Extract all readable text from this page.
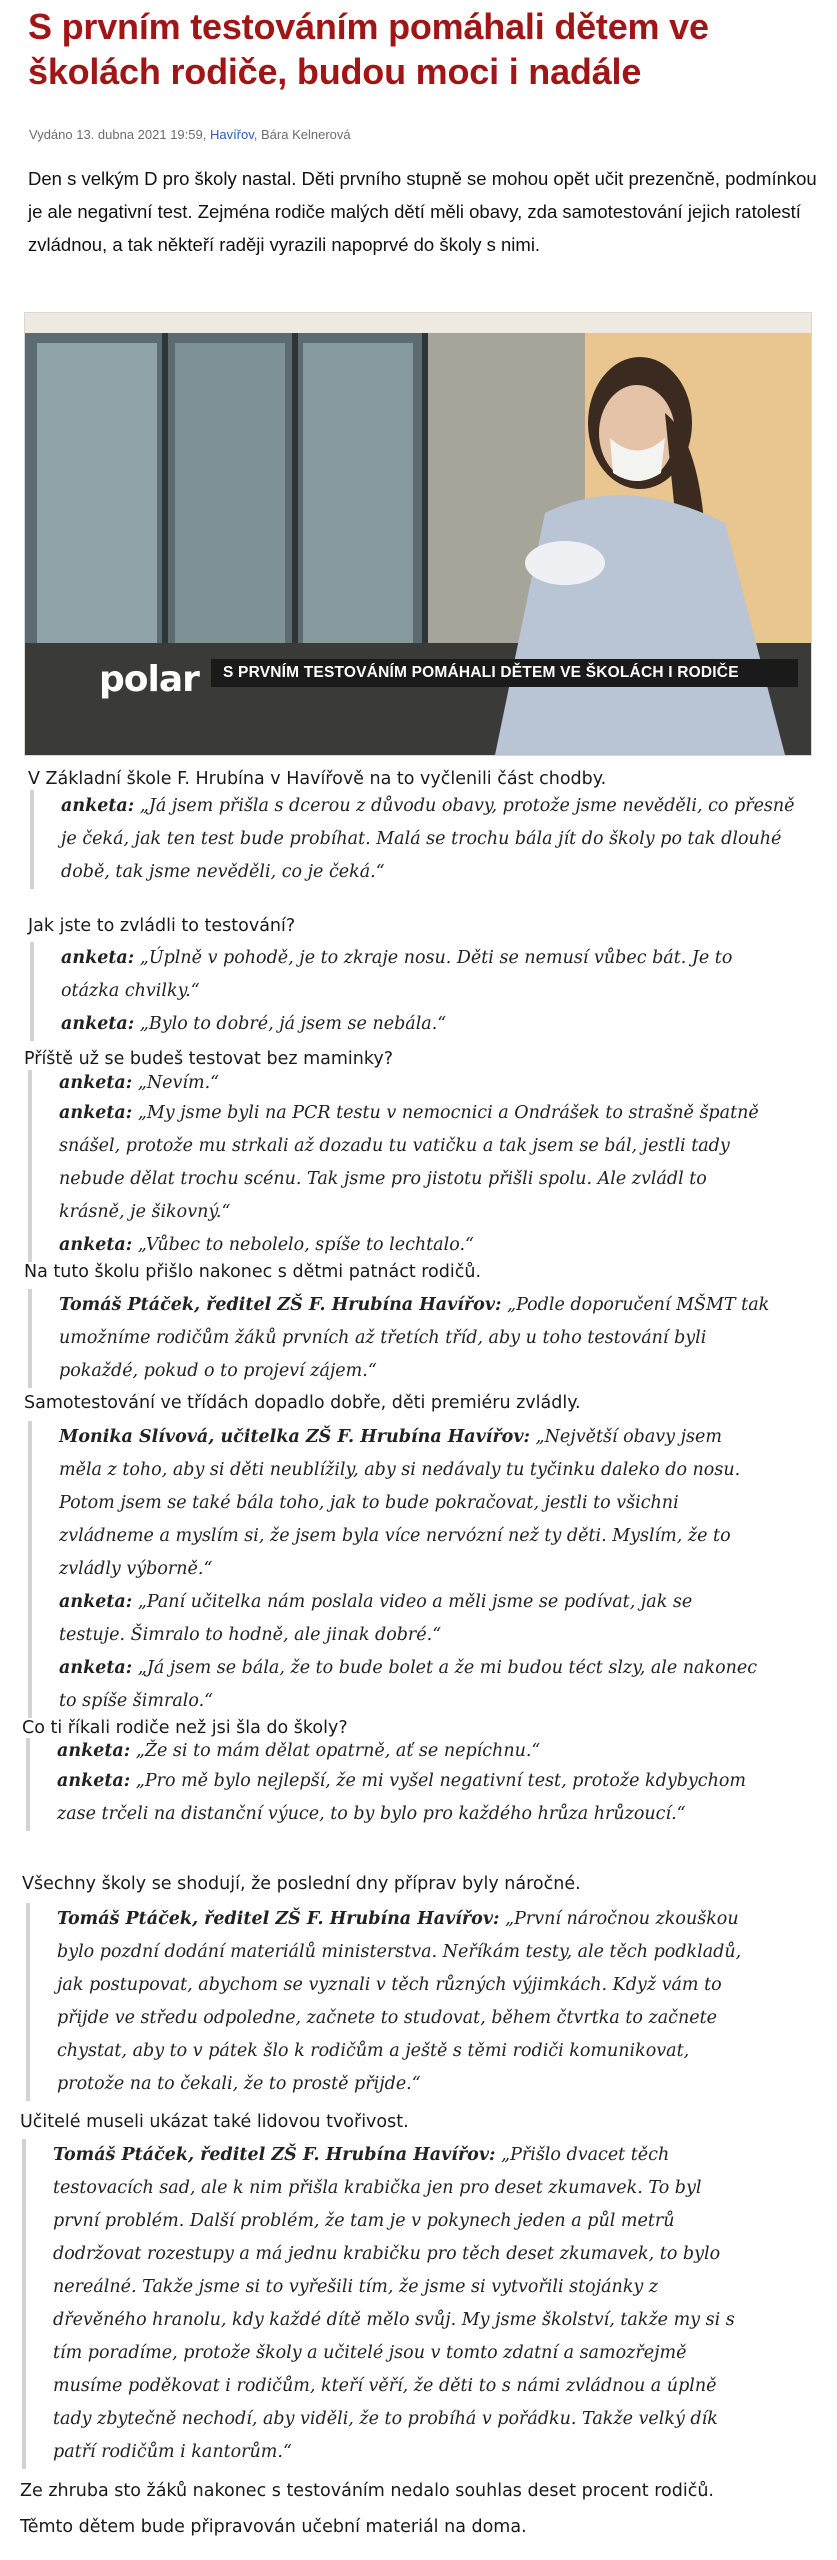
S prvním testováním pomáhali dětem ve školách rodiče, budou moci i nadále
Vydáno 13. dubna 2021 19:59, Havířov, Bára Kelnerová

Den s velkým D pro školy nastal. Děti prvního stupně se mohou opět učit prezenčně, podmínkou je ale negativní test. Zejména rodiče malých dětí měli obavy, zda samotestování jejich ratolestí zvládnou, a tak někteří raději vyrazili napoprvé do školy s nimi.

polar	S PRVNÍM TESTOVÁNÍM POMÁHALI DĚTEM VE ŠKOLÁCH I RODIČE
V Základní škole F. Hrubína v Havířově na to vyčlenili část chodby.
anketa: „Já jsem přišla s dcerou z důvodu obavy, protože jsme nevěděli, co přesně je čeká, jak ten test bude probíhat. Malá se trochu bála jít do školy po tak dlouhé době, tak jsme nevěděli, co je čeká.“
Jak jste to zvládli to testování?
anketa: „Úplně v pohodě, je to zkraje nosu. Děti se nemusí vůbec bát. Je to otázka chvilky.“
anketa: „Bylo to dobré, já jsem se nebála.“
Příště už se budeš testovat bez maminky?
anketa: „Nevím.“
anketa: „My jsme byli na PCR testu v nemocnici a Ondrášek to strašně špatně snášel, protože mu strkali až dozadu tu vatičku a tak jsem se bál, jestli tady nebude dělat trochu scénu. Tak jsme pro jistotu přišli spolu. Ale zvládl to krásně, je šikovný.“
anketa: „Vůbec to nebolelo, spíše to lechtalo.“
Na tuto školu přišlo nakonec s dětmi patnáct rodičů.
Tomáš Ptáček, ředitel ZŠ F. Hrubína Havířov: „Podle doporučení MŠMT tak umožníme rodičům žáků prvních až třetích tříd, aby u toho testování byli pokaždé, pokud o to projeví zájem.“
Samotestování ve třídách dopadlo dobře, děti premiéru zvládly.
Monika Slívová, učitelka ZŠ F. Hrubína Havířov: „Největší obavy jsem měla z toho, aby si děti neublížily, aby si nedávaly tu tyčinku daleko do nosu. Potom jsem se také bála toho, jak to bude pokračovat, jestli to všichni zvládneme a myslím si, že jsem byla více nervózní než ty děti. Myslím, že to zvládly výborně.“
anketa: „Paní učitelka nám poslala video a měli jsme se podívat, jak se testuje. Šimralo to hodně, ale jinak dobré.“
anketa: „Já jsem se bála, že to bude bolet a že mi budou téct slzy, ale nakonec to spíše šimralo.“
Co ti říkali rodiče než jsi šla do školy?
anketa: „Že si to mám dělat opatrně, ať se nepíchnu.“
anketa: „Pro mě bylo nejlepší, že mi vyšel negativní test, protože kdybychom zase trčeli na distanční výuce, to by bylo pro každého hrůza hrůzoucí.“
Všechny školy se shodují, že poslední dny příprav byly náročné.
Tomáš Ptáček, ředitel ZŠ F. Hrubína Havířov: „První náročnou zkouškou bylo pozdní dodání materiálů ministerstva. Neříkám testy, ale těch podkladů, jak postupovat, abychom se vyznali v těch různých výjimkách. Když vám to přijde ve středu odpoledne, začnete to studovat, během čtvrtka to začnete chystat, aby to v pátek šlo k rodičům a ještě s těmi rodiči komunikovat, protože na to čekali, že to prostě přijde.“
Učitelé museli ukázat také lidovou tvořivost.
Tomáš Ptáček, ředitel ZŠ F. Hrubína Havířov: „Přišlo dvacet těch testovacích sad, ale k nim přišla krabička jen pro deset zkumavek. To byl první problém. Další problém, že tam je v pokynech jeden a půl metrů dodržovat rozestupy a má jednu krabičku pro těch deset zkumavek, to bylo nereálné. Takže jsme si to vyřešili tím, že jsme si vytvořili stojánky z dřevěného hranolu, kdy každé dítě mělo svůj. My jsme školství, takže my si s tím poradíme, protože školy a učitelé jsou v tomto zdatní a samozřejmě musíme poděkovat i rodičům, kteří věří, že děti to s námi zvládnou a úplně tady zbytečně nechodí, aby viděli, že to probíhá v pořádku. Takže velký dík patří rodičům i kantorům.“
Ze zhruba sto žáků nakonec s testováním nedalo souhlas deset procent rodičů.
Těmto dětem bude připravován učební materiál na doma.
